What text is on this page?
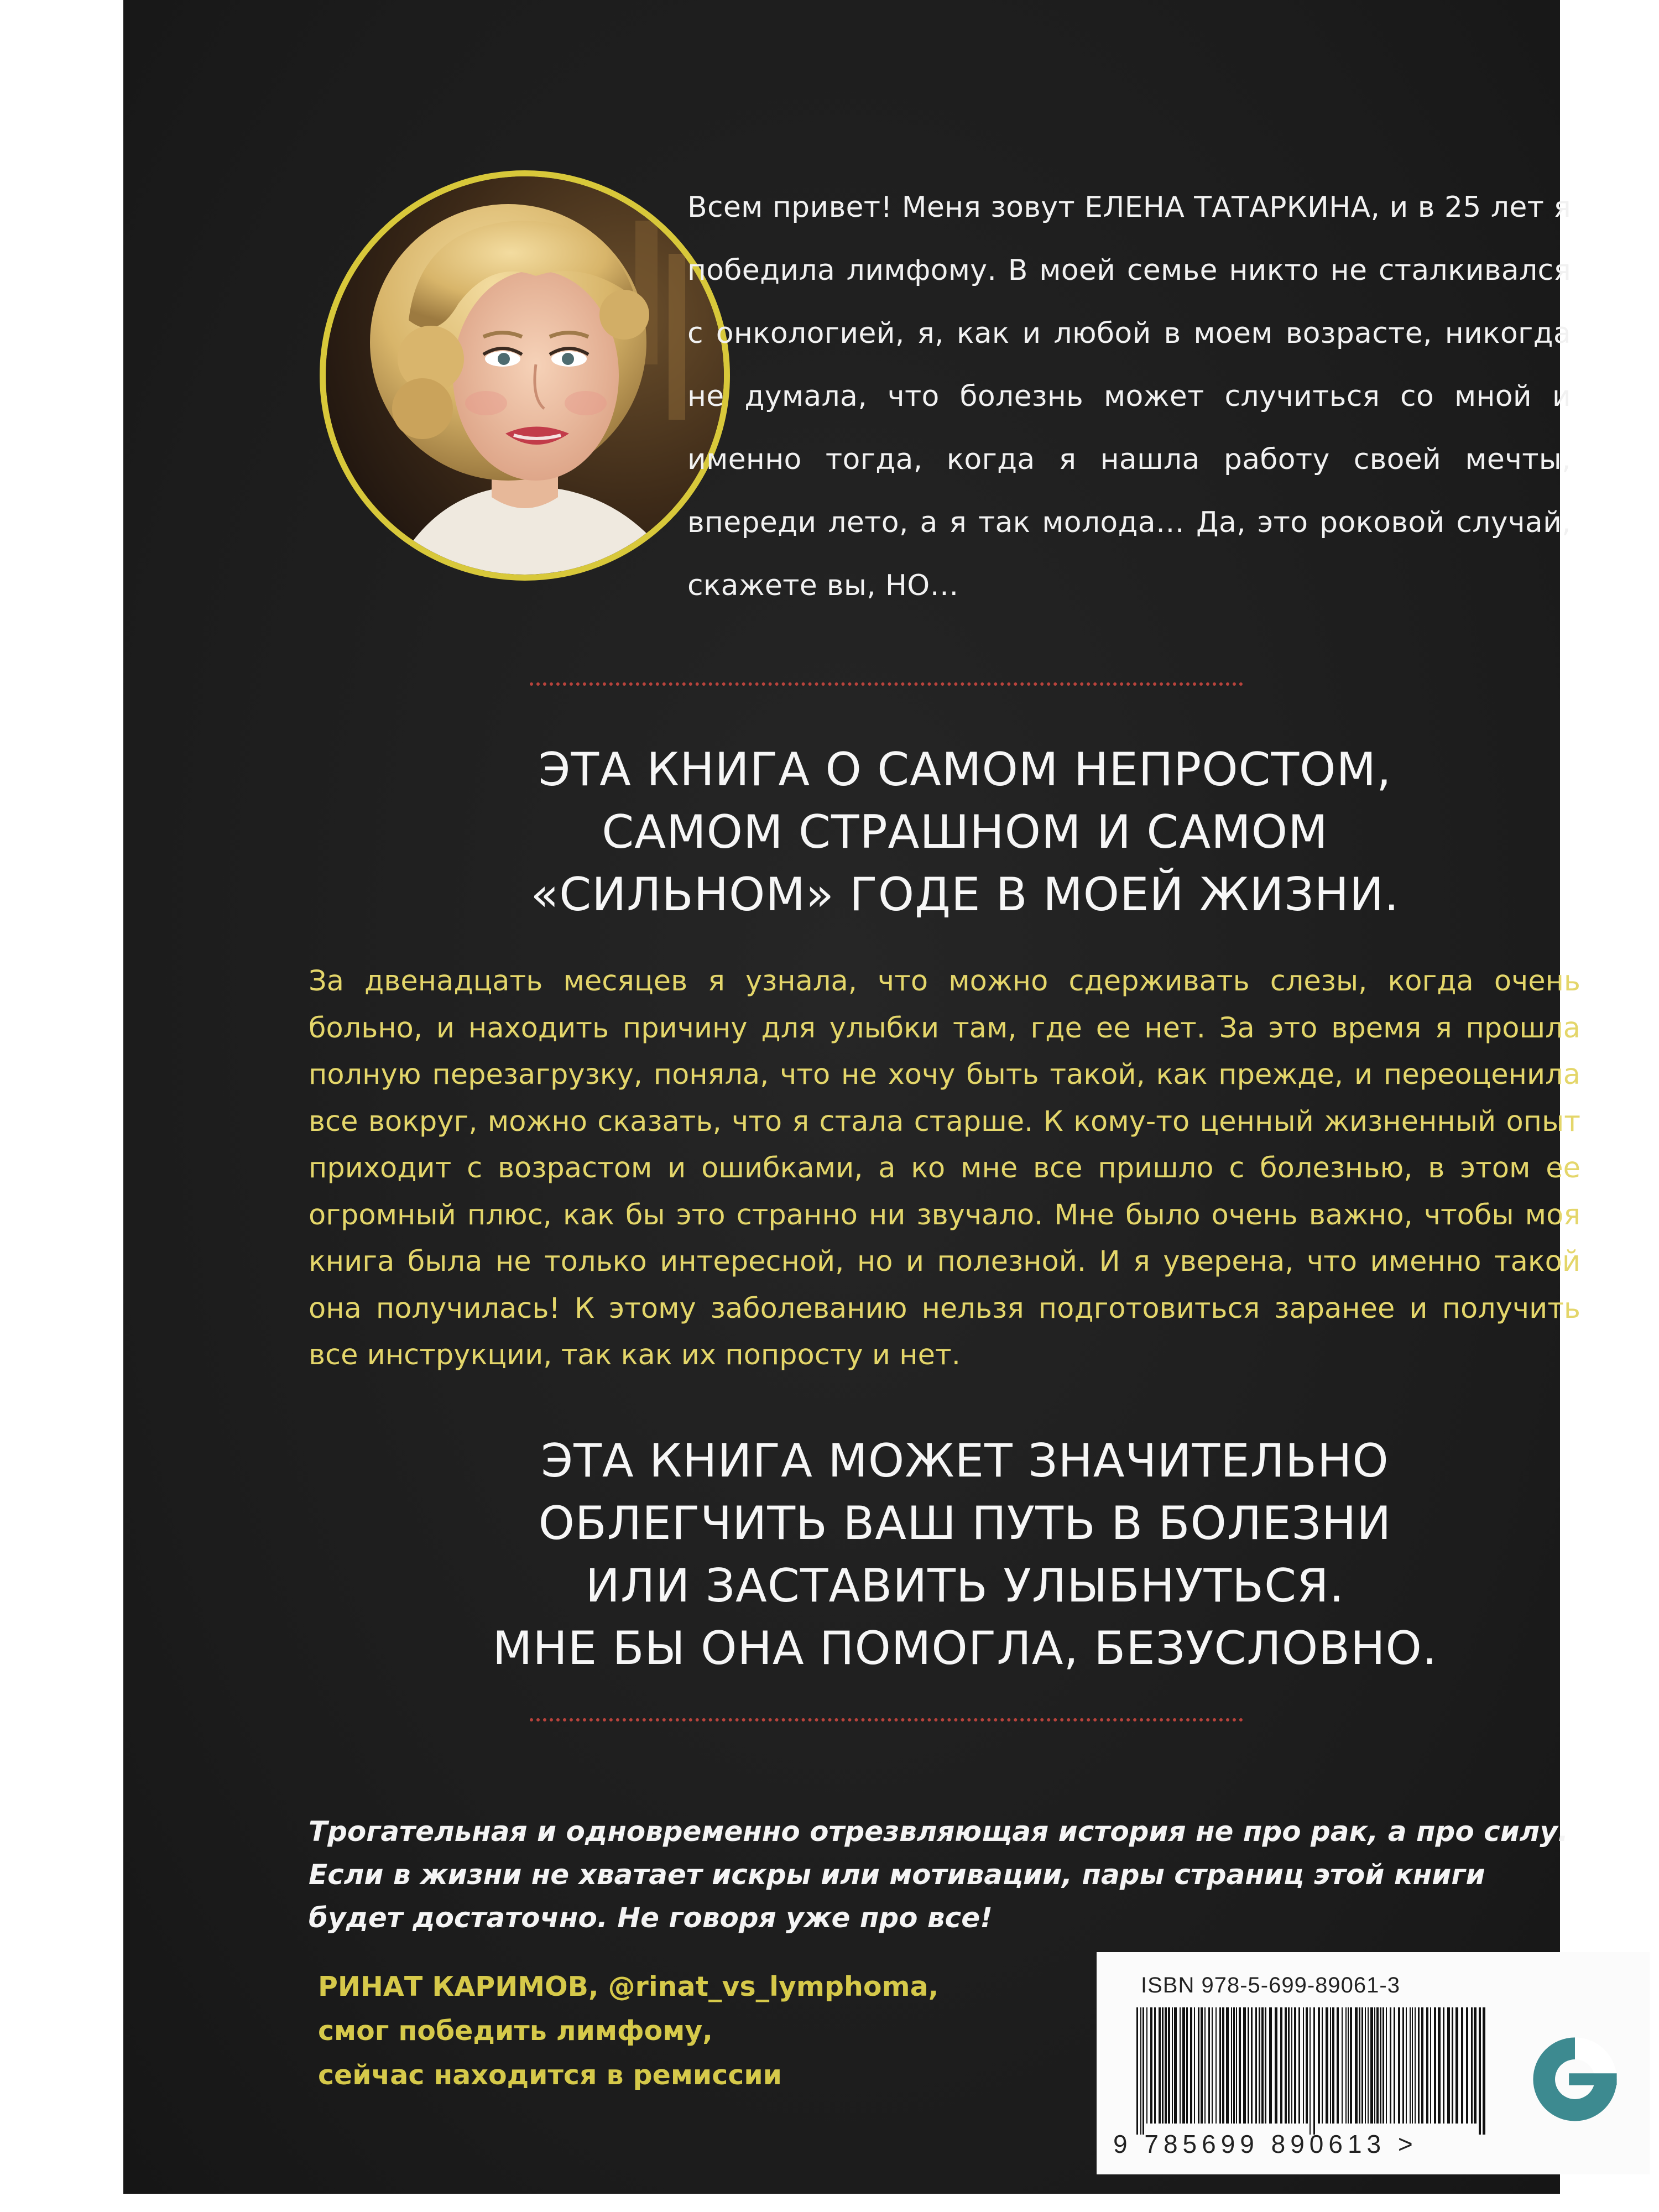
Всем привет! Меня зовут ЕЛЕНА ТАТАРКИНА, и в 25 лет я победила лимфому. В моей семье никто не сталкивался с онкологией, я, как и любой в моем возрасте, никогда не думала, что болезнь может случиться со мной и именно тогда, когда я нашла работу своей мечты, впереди лето, а я так молода… Да, это роковой случай, скажете вы, НО…
ЭТА КНИГА О САМОМ НЕПРОСТОМ,
САМОМ СТРАШНОМ И САМОМ
«СИЛЬНОМ» ГОДЕ В МОЕЙ ЖИЗНИ.
За двенадцать месяцев я узнала, что можно сдерживать слезы, когда очень больно, и находить причину для улыбки там, где ее нет. За это время я прошла полную перезагрузку, поняла, что не хочу быть такой, как прежде, и переоценила все вокруг, можно сказать, что я стала старше. К кому-то ценный жизненный опыт приходит с возрастом и ошибками, а ко мне все пришло с болезнью, в этом ее огромный плюс, как бы это странно ни звучало. Мне было очень важно, чтобы моя книга была не только интересной, но и полезной. И я уверена, что именно такой она получилась! К этому заболеванию нельзя подготовиться заранее и получить все инструкции, так как их попросту и нет.
ЭТА КНИГА МОЖЕТ ЗНАЧИТЕЛЬНО
ОБЛЕГЧИТЬ ВАШ ПУТЬ В БОЛЕЗНИ
ИЛИ ЗАСТАВИТЬ УЛЫБНУТЬСЯ.
МНЕ БЫ ОНА ПОМОГЛА, БЕЗУСЛОВНО.
Трогательная и одновременно отрезвляющая история не про рак, а про силу.
Если в жизни не хватает искры или мотивации, пары страниц этой книги
будет достаточно. Не говоря уже про все!
РИНАТ КАРИМОВ, @rinat_vs_lymphoma,
смог победить лимфому,
сейчас находится в ремиссии
ISBN 978-5-699-89061-3
9 785699 890613 >
